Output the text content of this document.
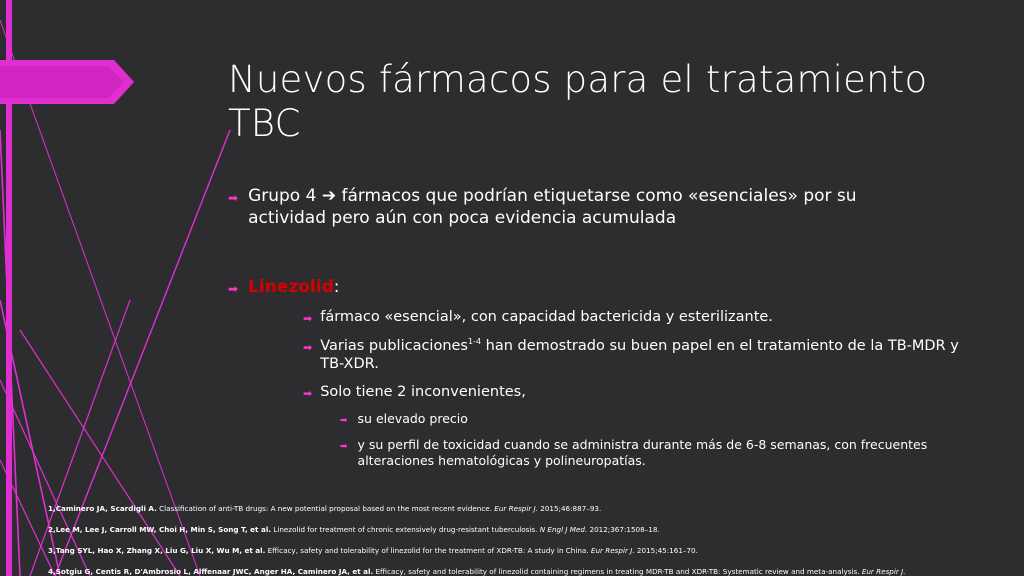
Nuevos fármacos para el tratamiento TBC
➡ Grupo 4 ➔ fármacos que podrían etiquetarse como «esenciales» por su actividad pero aún con poca evidencia acumulada
➡ Linezolid:
➡ fármaco «esencial», con capacidad bactericida y esterilizante.
➡ Varias publicaciones$^{1-4}$ han demostrado su buen papel en el tratamiento de la TB-MDR y TB-XDR.
➡ Solo tiene 2 inconvenientes,
➡ su elevado precio
➡ y su perfil de toxicidad cuando se administra durante más de 6-8 semanas, con frecuentes alteraciones hematológicas y polineuropatías.
1,Caminero JA, Scardigli A. Classification of anti-TB drugs: A new potential proposal based on the most recent evidence. Eur Respir J. 2015;46:887–93.
2,Lee M, Lee J, Carroll MW, Choi H, Min S, Song T, et al. Linezolid for treatment of chronic extensively drug-resistant tuberculosis. N Engl J Med. 2012;367:1508–18.
3,Tang SYL, Hao X, Zhang X, Liu G, Liu X, Wu M, et al. Efficacy, safety and tolerability of linezolid for the treatment of XDR-TB: A study in China. Eur Respir J. 2015;45:161–70.
4,Sotgiu G, Centis R, D'Ambrosio L, Alffenaar JWC, Anger HA, Caminero JA, et al. Efficacy, safety and tolerability of linezolid containing regimens in treating MDR-TB and XDR-TB: Systematic review and meta-analysis. Eur Respir J.
